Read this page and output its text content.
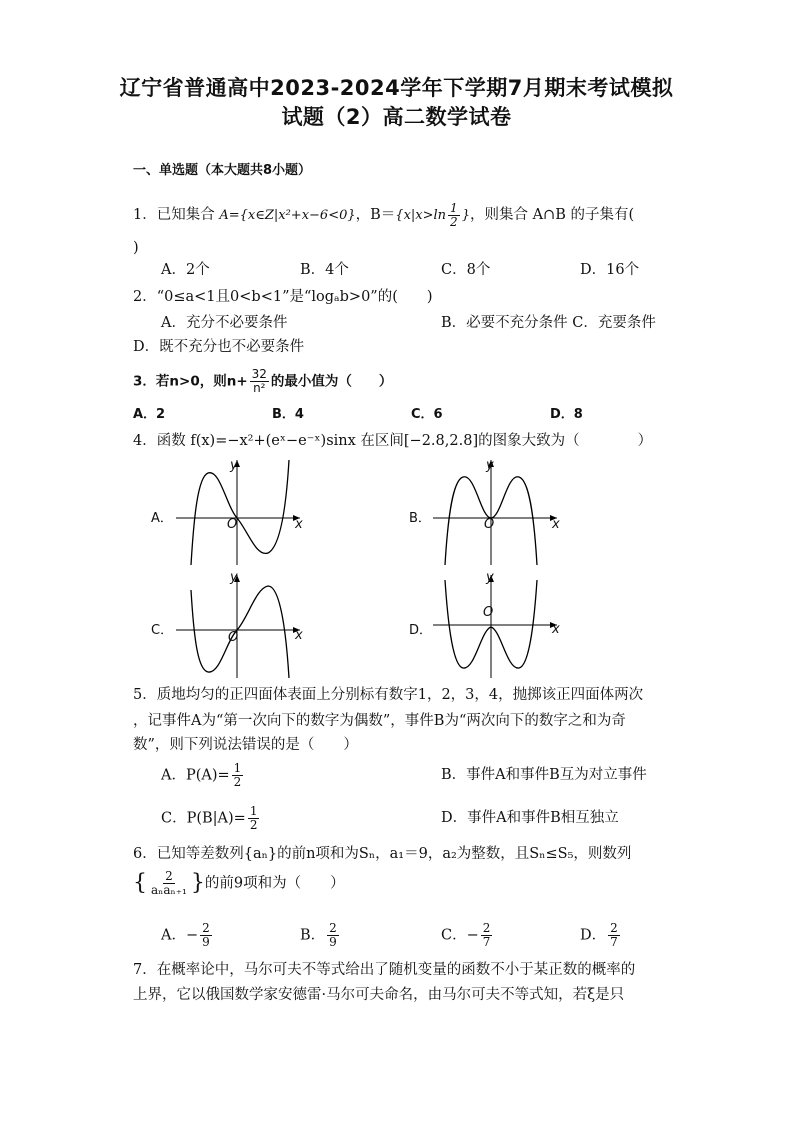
辽宁省普通高中2023-2024学年下学期7月期末考试模拟
试题（2）高二数学试卷
一、单选题（本大题共8小题）
1．已知集合 A={x∈Z|x²+x−6<0}，$B=\{x|x>\ln \frac{1}{2}$ }，则集合 A∩B 的子集有(
)
A．2个	B．4个	C．8个	D．16个
2．“0≤a<1且0<b<1”是“logₐb>0”的(　　)
A．充分不必要条件	B．必要不充分条件 C．充要条件
D．既不充分也不必要条件
3．若n>0，则$n+ \frac{32}{\text{n²}}$ 的最小值为（　　）
A．2	B．4	C．6	D．8
4．函数 f(x)=−x²+(eˣ−e⁻ˣ)sinx 在区间[−2.8,2.8]的图象大致为（　　　　）
A．
y
x
O	B．
y
x
O
C．
y
x
O	D．
y
x
O
5．质地均匀的正四面体表面上分别标有数字1，2，3，4，抛掷该正四面体两次
，记事件A为“第一次向下的数字为偶数”，事件B为“两次向下的数字之和为奇
数”，则下列说法错误的是（　　）
A．$P(A)= \frac{1}{2}$	B．事件A和事件B互为对立事件
C．$P(B|A)= \frac{1}{2}$	D．事件A和事件B相互独立
6．已知等差数列{aₙ}的前n项和为Sₙ，a₁＝9，a₂为整数，且Sₙ≤S₅，则数列
{ $\frac{2}{\text{aₙaₙ₊₁}}$ }的前9项和为（　　）
A．− $\frac{2}{9}$	B． $\frac{2}{9}$	C．− $\frac{2}{7}$	D． $\frac{2}{7}$
7．在概率论中，马尔可夫不等式给出了随机变量的函数不小于某正数的概率的
上界，它以俄国数学家安德雷·马尔可夫命名，由马尔可夫不等式知，若ξ是只
